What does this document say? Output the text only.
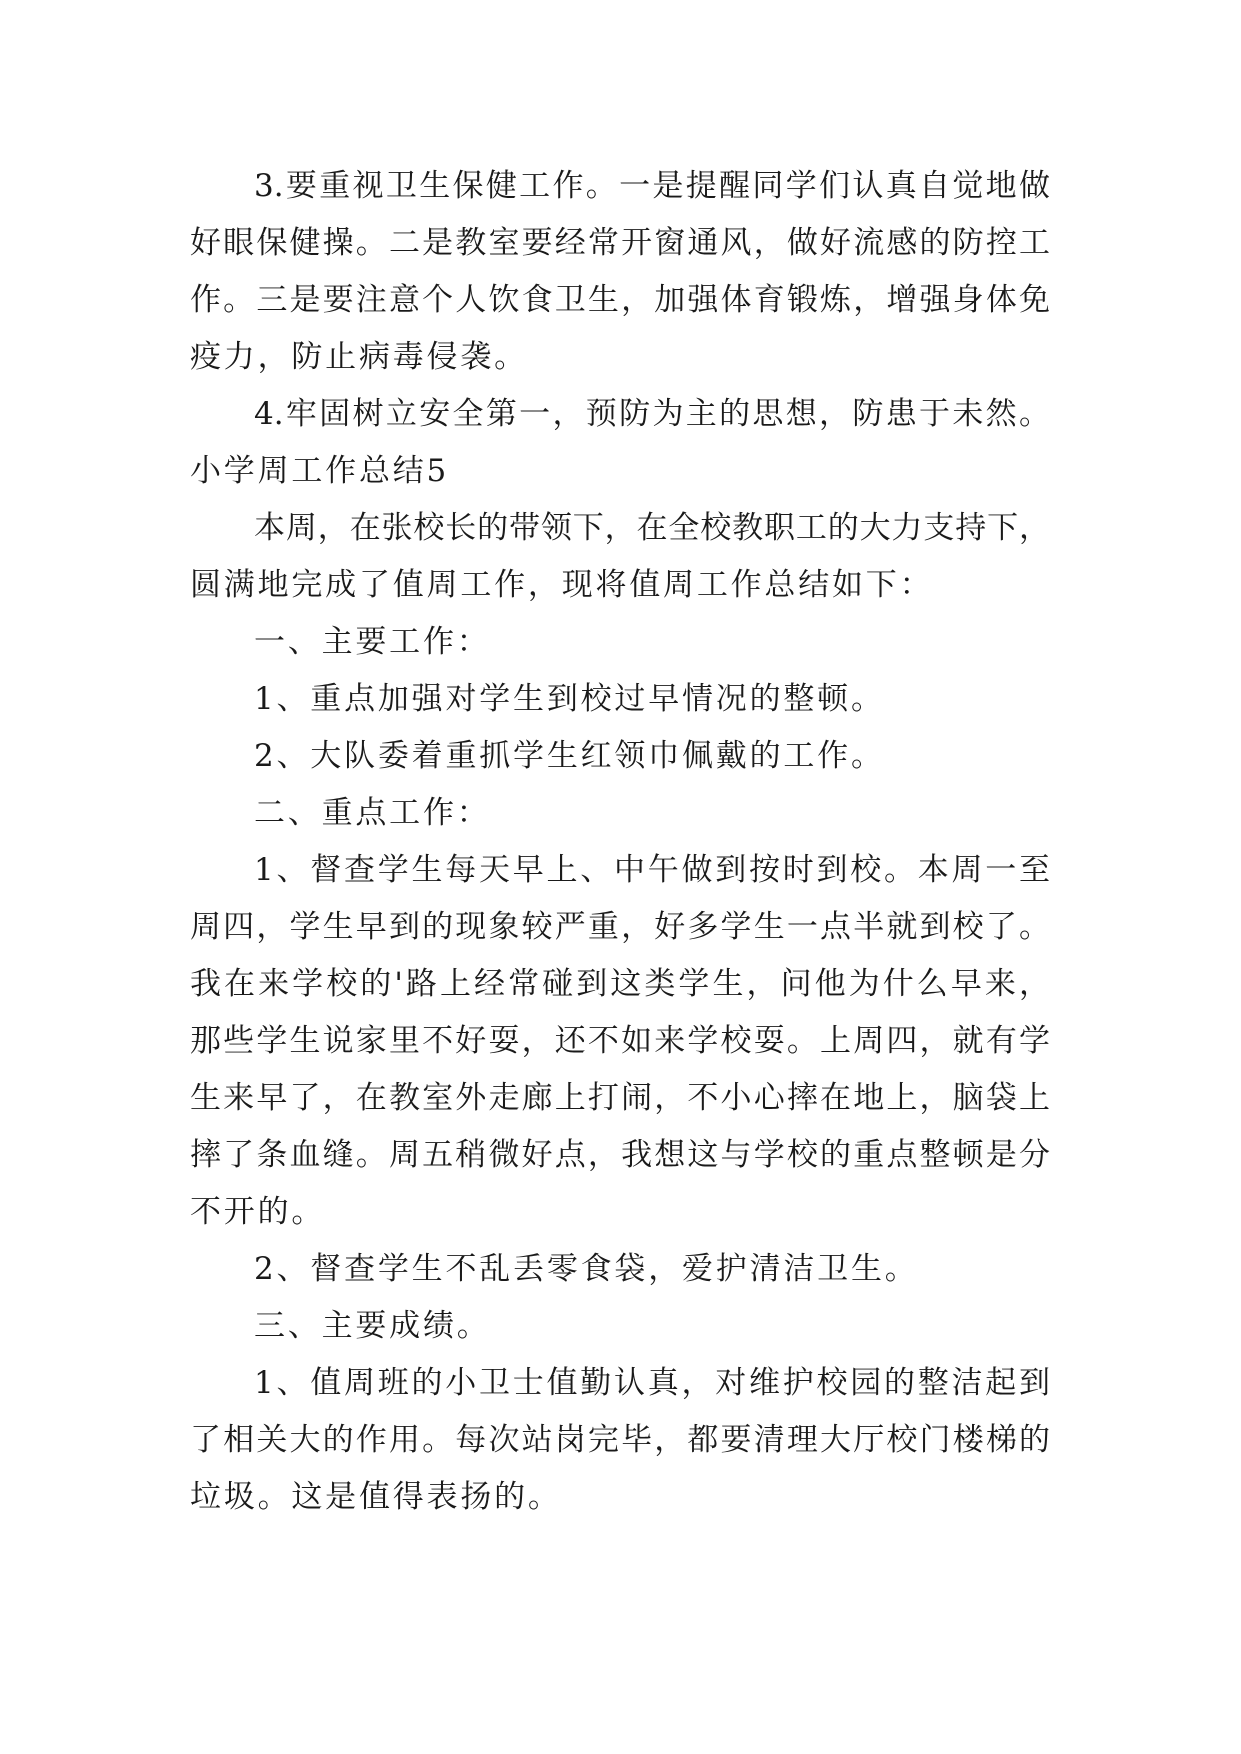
3.要重视卫生保健工作。一是提醒同学们认真自觉地做
好眼保健操。二是教室要经常开窗通风，做好流感的防控工
作。三是要注意个人饮食卫生，加强体育锻炼，增强身体免
疫力，防止病毒侵袭。
4.牢固树立安全第一，预防为主的思想，防患于未然。
小学周工作总结5
本周，在张校长的带领下，在全校教职工的大力支持下，
圆满地完成了值周工作，现将值周工作总结如下：
一、主要工作：
1、重点加强对学生到校过早情况的整顿。
2、大队委着重抓学生红领巾佩戴的工作。
二、重点工作：
1、督查学生每天早上、中午做到按时到校。本周一至
周四，学生早到的现象较严重，好多学生一点半就到校了。
我在来学校的'路上经常碰到这类学生，问他为什么早来，
那些学生说家里不好耍，还不如来学校耍。上周四，就有学
生来早了，在教室外走廊上打闹，不小心摔在地上，脑袋上
摔了条血缝。周五稍微好点，我想这与学校的重点整顿是分
不开的。
2、督查学生不乱丢零食袋，爱护清洁卫生。
三、主要成绩。
1、值周班的小卫士值勤认真，对维护校园的整洁起到
了相关大的作用。每次站岗完毕，都要清理大厅校门楼梯的
垃圾。这是值得表扬的。
